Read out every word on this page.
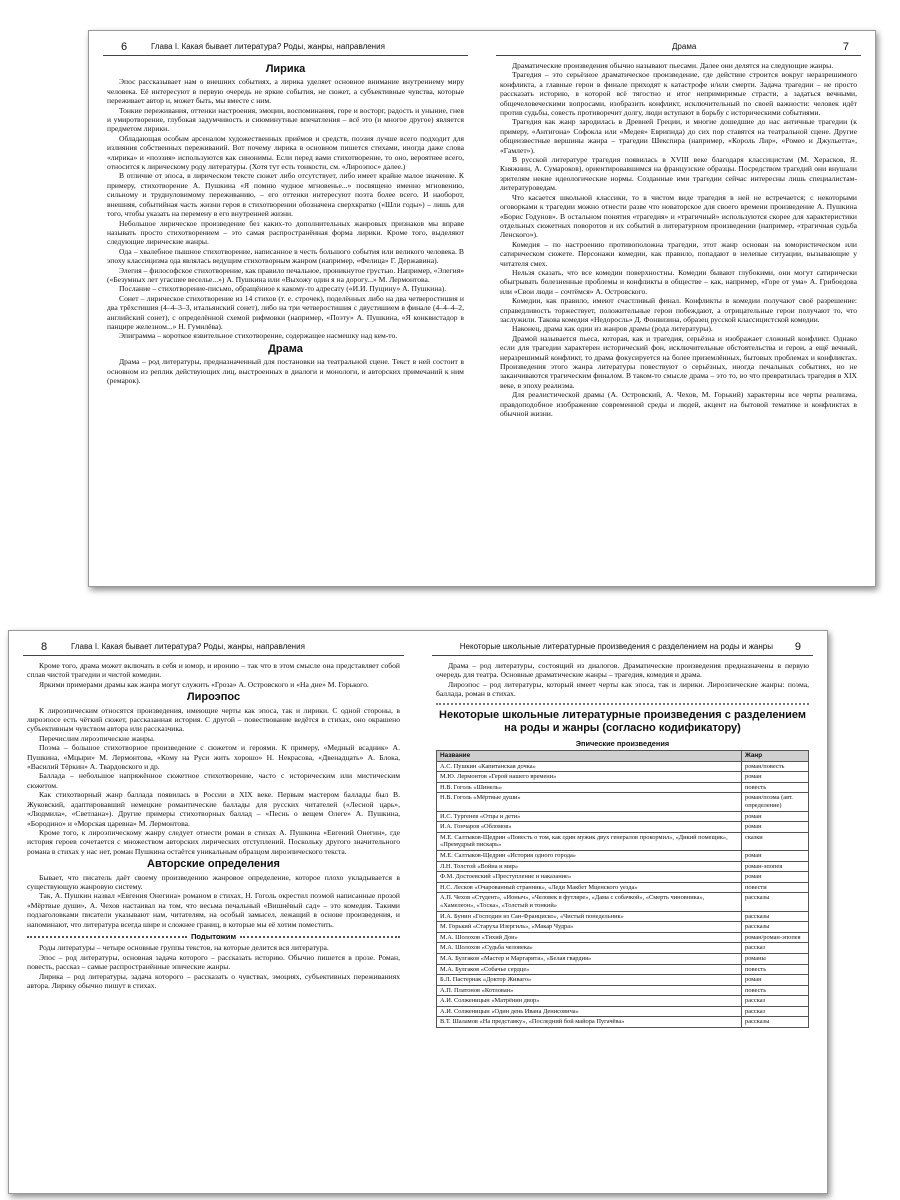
6	Глава I. Какая бывает литература? Роды, жанры, направления
Лирика

Эпос рассказывает нам о внешних событиях, а лирика уделяет основное внимание внутреннему миру человека. Её интересуют в первую очередь не яркие события, не сюжет, а субъективные чувства, которые переживает автор и, может быть, мы вместе с ним.

Тонкие переживания, оттенки настроения, эмоции, воспоминания, горе и восторг, радость и уныние, гнев и умиротворение, глубокая задумчивость и сиюминутные впечатления – всё это (и многое другое) является предметом лирики.

Обладающая особым арсеналом художественных приёмов и средств, поэзия лучше всего подходит для излияния собственных переживаний. Вот почему лирика в основном пишется стихами, иногда даже слова «лирика» и «поэзия» используются как синонимы. Если перед вами стихотворение, то оно, вероятнее всего, относится к лирическому роду литературы. (Хотя тут есть тонкости, см. «Лироэпос» далее.)

В отличие от эпоса, в лирическом тексте сюжет либо отсутствует, либо имеет крайне малое значение. К примеру, стихотворение А. Пушкина «Я помню чудное мгновенье...» посвящено именно мгновению, сильному и труднуловимому переживанию, – его оттенки интересуют поэта более всего. И наоборот, внешняя, событийная часть жизни героя в стихотворении обозначена сверхкратко («Шли годы») – лишь для того, чтобы указать на перемену в его внутренней жизни.

Небольшое лирическое произведение без каких-то дополнительных жанровых признаков мы вправе называть просто стихотворением – это самая распространённая форма лирики. Кроме того, выделяют следующие лирические жанры.

Ода – хвалебное пышное стихотворение, написанное в честь большого события или великого человека. В эпоху классицизма ода являлась ведущим стихотворным жанром (например, «Фелица» Г. Державина).

Элегия – философское стихотворение, как правило печальное, проникнутое грустью. Например, «Элегия» («Безумных лет угасшее веселье...») А. Пушкина или «Выхожу один я на дорогу...» М. Лермонтова.

Послание – стихотворение-письмо, обращённое к какому-то адресату («И.И. Пущину» А. Пушкина).

Сонет – лирическое стихотворение из 14 стихов (т. е. строчек), поделённых либо на два четверостишия и два трёхстишия (4–4–3–3, итальянский сонет), либо на три четверостишия с двустишием в финале (4–4–4–2, английский сонет), с определённой схемой рифмовки (например, «Поэту» А. Пушкина, «Я конквистадор в панцире железном...» Н. Гумилёва).

Эпиграмма – короткое язвительное стихотворение, содержащее насмешку над кем-то.

Драма

Драма – род литературы, предназначенный для постановки на театральной сцене. Текст в ней состоит в основном из реплик действующих лиц, выстроенных в диалоги и монологи, и авторских примечаний к ним (ремарок).

Драма	7

Драматические произведения обычно называют пьесами. Далее они делятся на следующие жанры.

Трагедия – это серьёзное драматическое произведение, где действие строится вокруг неразрешимого конфликта, а главные герои в финале приходят к катастрофе и/или смерти. Задача трагедии – не просто рассказать историю, в которой всё тягостно и итог непримиримые страсти, а задаться вечными, общечеловеческими вопросами, изобразить конфликт, исключительный по своей важности: человек идёт против судьбы, совесть противоречит долгу, люди вступают в борьбу с историческими событиями.

Трагедия как жанр зародилась в Древней Греции, и многие дошедшие до нас античные трагедии (к примеру, «Антигона» Софокла или «Медея» Еврипида) до сих пор ставятся на театральной сцене. Другие общеизвестные вершины жанра – трагедии Шекспира (например, «Король Лир», «Ромео и Джульетта», «Гамлет»).

В русской литературе трагедия появилась в XVIII веке благодаря классицистам (М. Херасков, Я. Княжнин, А. Сумароков), ориентировавшимся на французские образцы. Посредством трагедий они внушали зрителям некие идеологические нормы. Созданные ими трагедии сейчас интересны лишь специалистам-литературоведам.

Что касается школьной классики, то в чистом виде трагедия в ней не встречается; с некоторыми оговорками к трагедии можно отнести разве что новаторское для своего времени произведение А. Пушкина «Борис Годунов». В остальном понятия «трагедия» и «трагичный» используются скорее для характеристики отдельных сюжетных поворотов и их событий в литературном произведении (например, «трагичная судьба Ленского»).

Комедия – по настроению противоположна трагедии, этот жанр основан на юмористическом или сатирическом сюжете. Персонажи комедии, как правило, попадают в нелепые ситуации, вызывающие у читателя смех.

Нельзя сказать, что все комедии поверхностны. Комедии бывают глубокими, они могут сатирически обыгрывать болезненные проблемы и конфликты в обществе – как, например, «Горе от ума» А. Грибоедова или «Свои люди – сочтёмся» А. Островского.

Комедии, как правило, имеют счастливый финал. Конфликты в комедии получают своё разрешение: справедливость торжествует, положительные герои побеждают, а отрицательные герои получают то, что заслужили. Такова комедия «Недоросль» Д. Фонвизина, образец русской классицистской комедии.

Наконец, драма как один из жанров драмы (рода литературы).

Драмой называется пьеса, которая, как и трагедия, серьёзна и изображает сложный конфликт. Однако если для трагедии характерен исторический фон, исключительные обстоятельства и герои, а ещё вечный, неразрешимый конфликт, то драма фокусируется на более приземлённых, бытовых проблемах и конфликтах. Произведения этого жанра литературы повествуют о серьёзных, иногда печальных событиях, но не заканчиваются трагическим финалом. В таком-то смысле драма – это то, во что превратилась трагедия в XIX веке, в эпоху реализма.

Для реалистической драмы (А. Островский, А. Чехов, М. Горький) характерны все черты реализма, правдоподобное изображение современной среды и людей, акцент на бытовой тематике и конфликтах в обычной жизни.

8	Глава I. Какая бывает литература? Роды, жанры, направления

Кроме того, драма может включать в себя и юмор, и иронию – так что в этом смысле она представляет собой сплав чистой трагедии и чистой комедии.

Яркими примерами драмы как жанра могут служить «Гроза» А. Островского и «На дне» М. Горького.

Лироэпос

К лироэпическим относятся произведения, имеющие черты как эпоса, так и лирики. С одной стороны, в лироэпосе есть чёткий сюжет, рассказанная история. С другой – повествование ведётся в стихах, оно окрашено субъективным чувством автора или рассказчика.

Перечислим лироэпические жанры.

Поэма – большое стихотворное произведение с сюжетом и героями. К примеру, «Медный всадник» А. Пушкина, «Мцыри» М. Лермонтова, «Кому на Руси жить хорошо» Н. Некрасова, «Двенадцать» А. Блока, «Василий Тёркин» А. Твардовского и др.

Баллада – небольшое напряжённое сюжетное стихотворение, часто с историческим или мистическим сюжетом.

Как стихотворный жанр баллада появилась в России в XIX веке. Первым мастером баллады был В. Жуковский, адаптировавший немецкие романтические баллады для русских читателей («Лесной царь», «Людмила», «Светлана»). Другие примеры стихотворных баллад – «Песнь о вещем Олеге» А. Пушкина, «Бородино» и «Морская царевна» М. Лермонтова.

Кроме того, к лироэпическому жанру следует отнести роман в стихах А. Пушкина «Евгений Онегин», где история героев сочетается с множеством авторских лирических отступлений. Поскольку другого значительного романа в стихах у нас нет, роман Пушкина остаётся уникальным образцом лироэпического текста.

Авторские определения

Бывает, что писатель даёт своему произведению жанровое определение, которое плохо укладывается в существующую жанровую систему.

Так, А. Пушкин назвал «Евгения Онегина» романом в стихах, Н. Гоголь окрестил поэмой написанные прозой «Мёртвые души», А. Чехов настаивал на том, что весьма печальный «Вишнёвый сад» – это комедия. Такими подзаголовками писатели указывают нам, читателям, на особый замысел, лежащий в основе произведения, и напоминают, что литература всегда шире и сложнее границ, в которые мы её хотим поместить.

Подытожим

Роды литературы – четыре основные группы текстов, на которые делится вся литература.

Эпос – род литературы, основная задача которого – рассказать историю. Обычно пишется в прозе. Роман, повесть, рассказ – самые распространённые эпические жанры.

Лирика – род литературы, задача которого – рассказать о чувствах, эмоциях, субъективных переживаниях автора. Лирику обычно пишут в стихах.

Некоторые школьные литературные произведения с разделением на роды и жанры 9

Драма – род литературы, состоящий из диалогов. Драматические произведения предназначены в первую очередь для театра. Основные драматические жанры – трагедия, комедия и драма.

Лироэпос – род литературы, который имеет черты как эпоса, так и лирики. Лироэпические жанры: поэма, баллада, роман в стихах.

Некоторые школьные литературные произведения с разделением на роды и жанры (согласно кодификатору)
Эпические произведения
Название	Жанр
А.С. Пушкин «Капитанская дочка»	роман/повесть
М.Ю. Лермонтов «Герой нашего времени»	роман
Н.В. Гоголь «Шинель»	повесть
Н.В. Гоголь «Мёртвые души»	роман/поэма (авт. определение)
И.С. Тургенев «Отцы и дети»	роман
И.А. Гончаров «Обломов»	роман
М.Е. Салтыков-Щедрин «Повесть о том, как один мужик двух генералов прокормил», «Дикий помещик», «Премудрый пискарь»	сказки
М.Е. Салтыков-Щедрин «История одного города»	роман
Л.Н. Толстой «Война и мир»	роман-эпопея
Ф.М. Достоевский «Преступление и наказание»	роман
Н.С. Лесков «Очарованный странник», «Леди Макбет Мценского уезда»	повести
А.П. Чехов «Студент», «Ионыч», «Человек в футляре», «Дама с собачкой», «Смерть чиновника», «Хамелеон», «Тоска», «Толстый и тонкий»	рассказы
И.А. Бунин «Господин из Сан-Франциско», «Чистый понедельник»	рассказы
М. Горький «Старуха Изергиль», «Макар Чудра»	рассказы
М.А. Шолохов «Тихий Дон»	роман/роман-эпопея
М.А. Шолохов «Судьба человека»	рассказ
М.А. Булгаков «Мастер и Маргарита», «Белая гвардия»	романы
М.А. Булгаков «Собачье сердце»	повесть
Б.Л. Пастернак «Доктор Живаго»	роман
А.П. Платонов «Котлован»	повесть
А.И. Солженицын «Матрёнин двор»	рассказ
А.И. Солженицын «Один день Ивана Денисовича»	рассказ
В.Т. Шаламов «На представку», «Последний бой майора Пугачёва»	рассказы
